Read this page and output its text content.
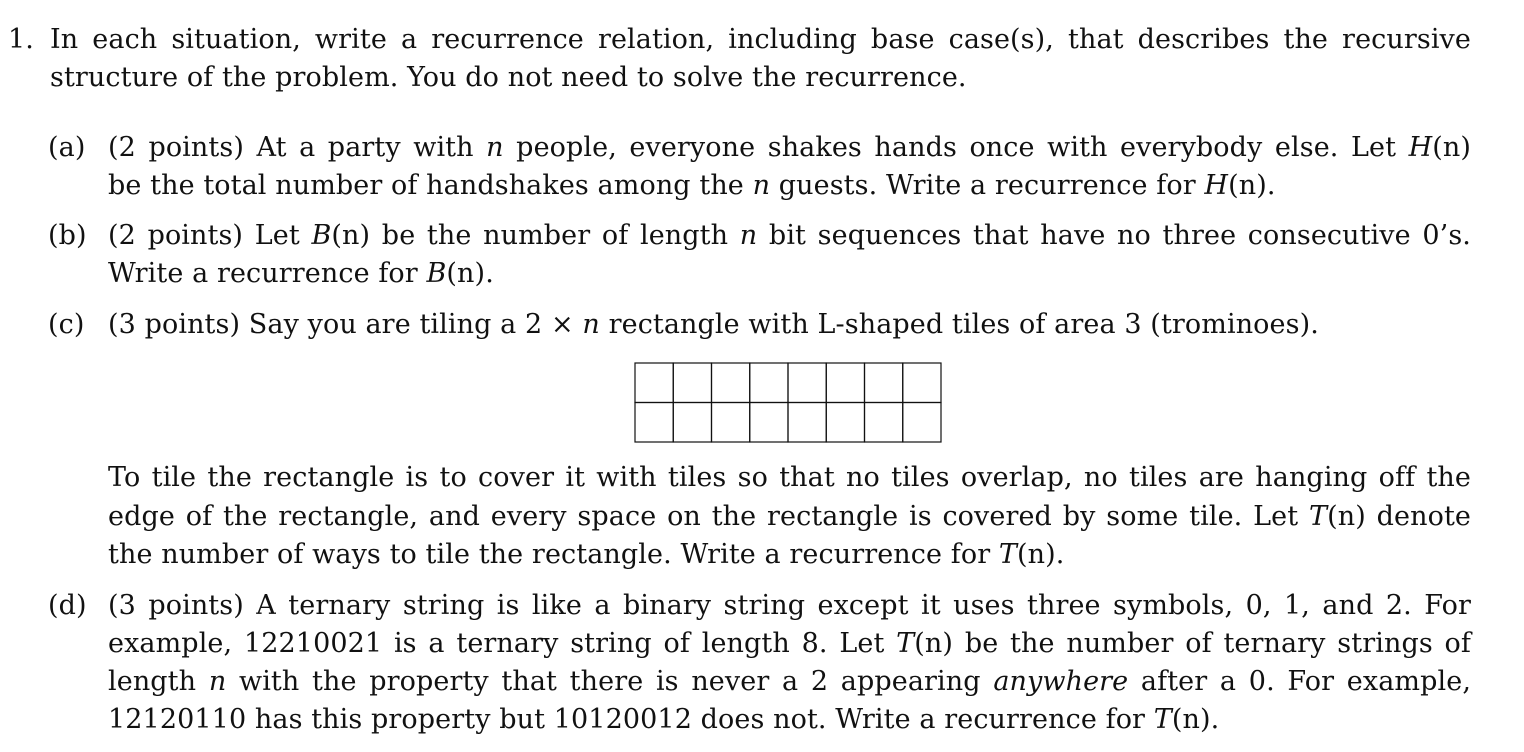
1. In each situation, write a recurrence relation, including base case(s), that describes the recursive
structure of the problem. You do not need to solve the recurrence.
(a) (2 points) At a party with n people, everyone shakes hands once with everybody else. Let H(n)
be the total number of handshakes among the n guests. Write a recurrence for H(n).
(b) (2 points) Let B(n) be the number of length n bit sequences that have no three consecutive 0’s.
Write a recurrence for B(n).
(c) (3 points) Say you are tiling a 2 × n rectangle with L-shaped tiles of area 3 (trominoes).
To tile the rectangle is to cover it with tiles so that no tiles overlap, no tiles are hanging off the
edge of the rectangle, and every space on the rectangle is covered by some tile. Let T(n) denote
the number of ways to tile the rectangle. Write a recurrence for T(n).
(d) (3 points) A ternary string is like a binary string except it uses three symbols, 0, 1, and 2. For
example, 12210021 is a ternary string of length 8. Let T(n) be the number of ternary strings of
length n with the property that there is never a 2 appearing anywhere after a 0. For example,
12120110 has this property but 10120012 does not. Write a recurrence for T(n).
